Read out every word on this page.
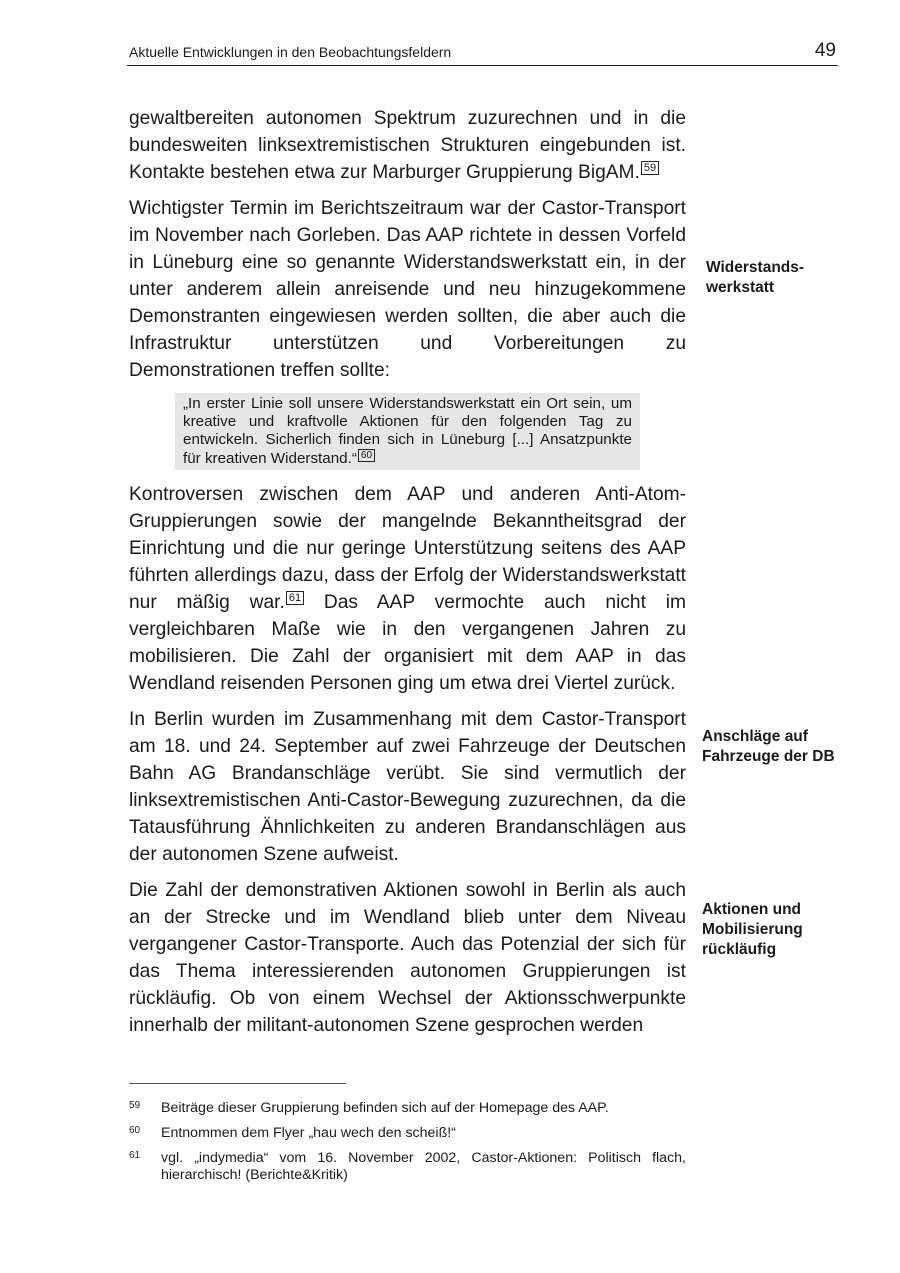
Aktuelle Entwicklungen in den Beobachtungsfeldern	49

gewaltbereiten autonomen Spektrum zuzurechnen und in die bundesweiten linksextremistischen Strukturen eingebunden ist. Kontakte bestehen etwa zur Marburger Gruppierung BigAM. 59

Wichtigster Termin im Berichtszeitraum war der Castor-Transport im November nach Gorleben. Das AAP richtete in dessen Vorfeld in Lüneburg eine so genannte Widerstandswerkstatt ein, in der unter anderem allein anreisende und neu hinzugekommene Demonstranten eingewiesen werden sollten, die aber auch die Infrastruktur unterstützen und Vorbereitungen zu Demonstrationen treffen sollte:

„In erster Linie soll unsere Widerstandswerkstatt ein Ort sein, um kreative und kraftvolle Aktionen für den folgenden Tag zu entwickeln. Sicherlich finden sich in Lüneburg [...] Ansatzpunkte für kreativen Widerstand.“ 60

Kontroversen zwischen dem AAP und anderen Anti-Atom-Gruppierungen sowie der mangelnde Bekanntheitsgrad der Einrichtung und die nur geringe Unterstützung seitens des AAP führten allerdings dazu, dass der Erfolg der Widerstandswerkstatt nur mäßig war. 61 Das AAP vermochte auch nicht im vergleichbaren Maße wie in den vergangenen Jahren zu mobilisieren. Die Zahl der organisiert mit dem AAP in das Wendland reisenden Personen ging um etwa drei Viertel zurück.

In Berlin wurden im Zusammenhang mit dem Castor-Transport am 18. und 24. September auf zwei Fahrzeuge der Deutschen Bahn AG Brandanschläge verübt. Sie sind vermutlich der linksextremistischen Anti-Castor-Bewegung zuzurechnen, da die Tatausführung Ähnlichkeiten zu anderen Brandanschlägen aus der autonomen Szene aufweist.

Die Zahl der demonstrativen Aktionen sowohl in Berlin als auch an der Strecke und im Wendland blieb unter dem Niveau vergangener Castor-Transporte. Auch das Potenzial der sich für das Thema interessierenden autonomen Gruppierungen ist rückläufig. Ob von einem Wechsel der Aktionsschwerpunkte innerhalb der militant-autonomen Szene gesprochen werden

Widerstands-
werkstatt
Anschläge auf
Fahrzeuge der DB
Aktionen und
Mobilisierung
rückläufig
59 Beiträge dieser Gruppierung befinden sich auf der Homepage des AAP.
60 Entnommen dem Flyer „hau wech den scheiß!“
61 vgl. „indymedia“ vom 16. November 2002, Castor-Aktionen: Politisch flach, hierarchisch! (Berichte&Kritik)
